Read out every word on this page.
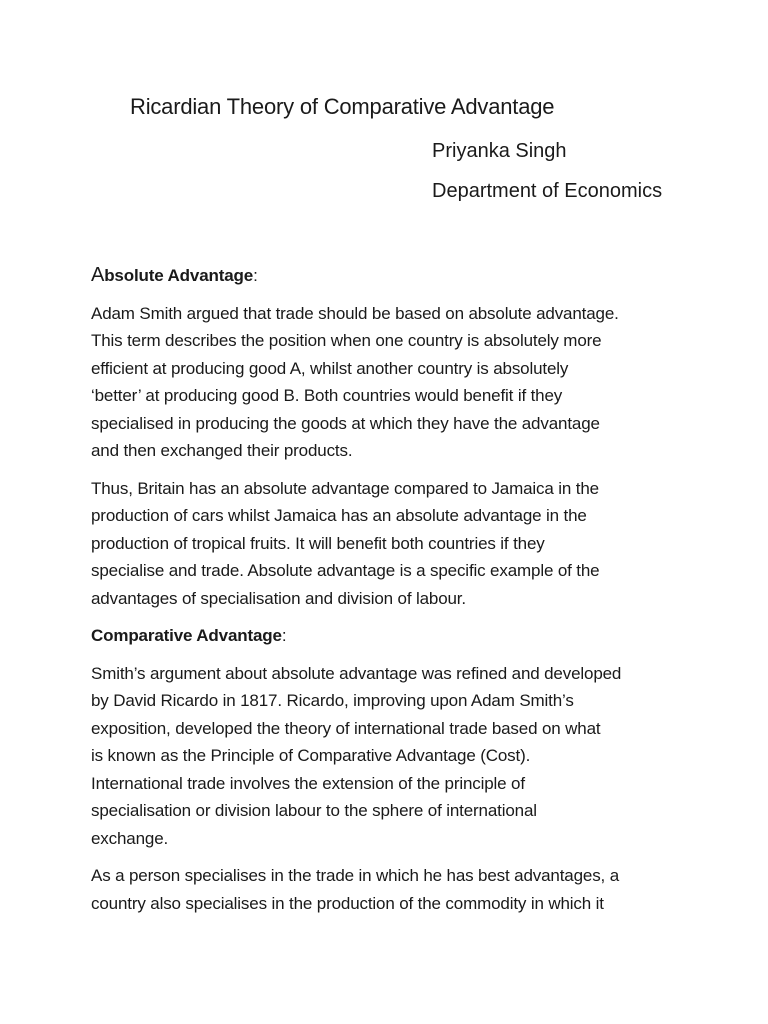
Ricardian Theory of Comparative Advantage
Priyanka Singh
Department of Economics
Absolute Advantage:
Adam Smith argued that trade should be based on absolute advantage.
This term describes the position when one country is absolutely more
efficient at producing good A, whilst another country is absolutely
‘better’ at producing good B. Both countries would benefit if they
specialised in producing the goods at which they have the advantage
and then exchanged their products.
Thus, Britain has an absolute advantage compared to Jamaica in the
production of cars whilst Jamaica has an absolute advantage in the
production of tropical fruits. It will benefit both countries if they
specialise and trade. Absolute advantage is a specific example of the
advantages of specialisation and division of labour.
Comparative Advantage:
Smith’s argument about absolute advantage was refined and developed
by David Ricardo in 1817. Ricardo, improving upon Adam Smith’s
exposition, developed the theory of international trade based on what
is known as the Principle of Comparative Advantage (Cost).
International trade involves the extension of the principle of
specialisation or division labour to the sphere of international
exchange.
As a person specialises in the trade in which he has best advantages, a
country also specialises in the production of the commodity in which it
